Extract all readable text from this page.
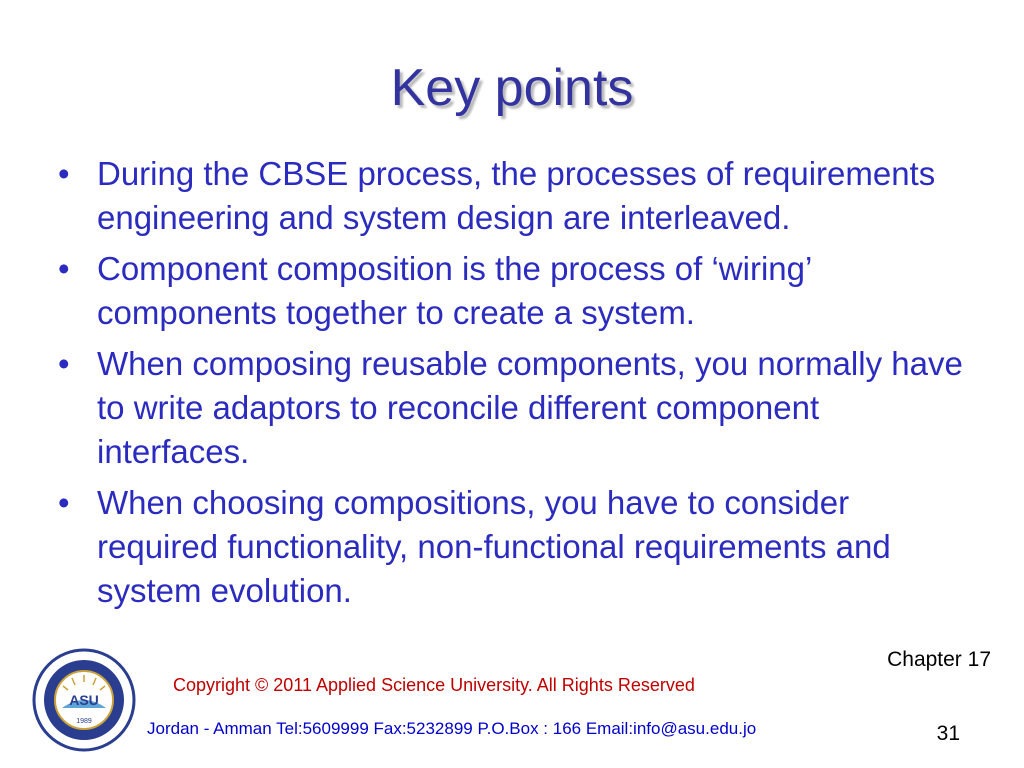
Key points
• During the CBSE process, the processes of requirements engineering and system design are interleaved.
• Component composition is the process of ‘wiring’ components together to create a system.
• When composing reusable components, you normally have to write adaptors to reconcile different component interfaces.
• When choosing compositions, you have to consider required functionality, non-functional requirements and system evolution.
ASU
1989
Chapter 17
Copyright © 2011 Applied Science University. All Rights Reserved
Jordan - Amman Tel:5609999 Fax:5232899 P.O.Box : 166 Email:info@asu.edu.jo	31
